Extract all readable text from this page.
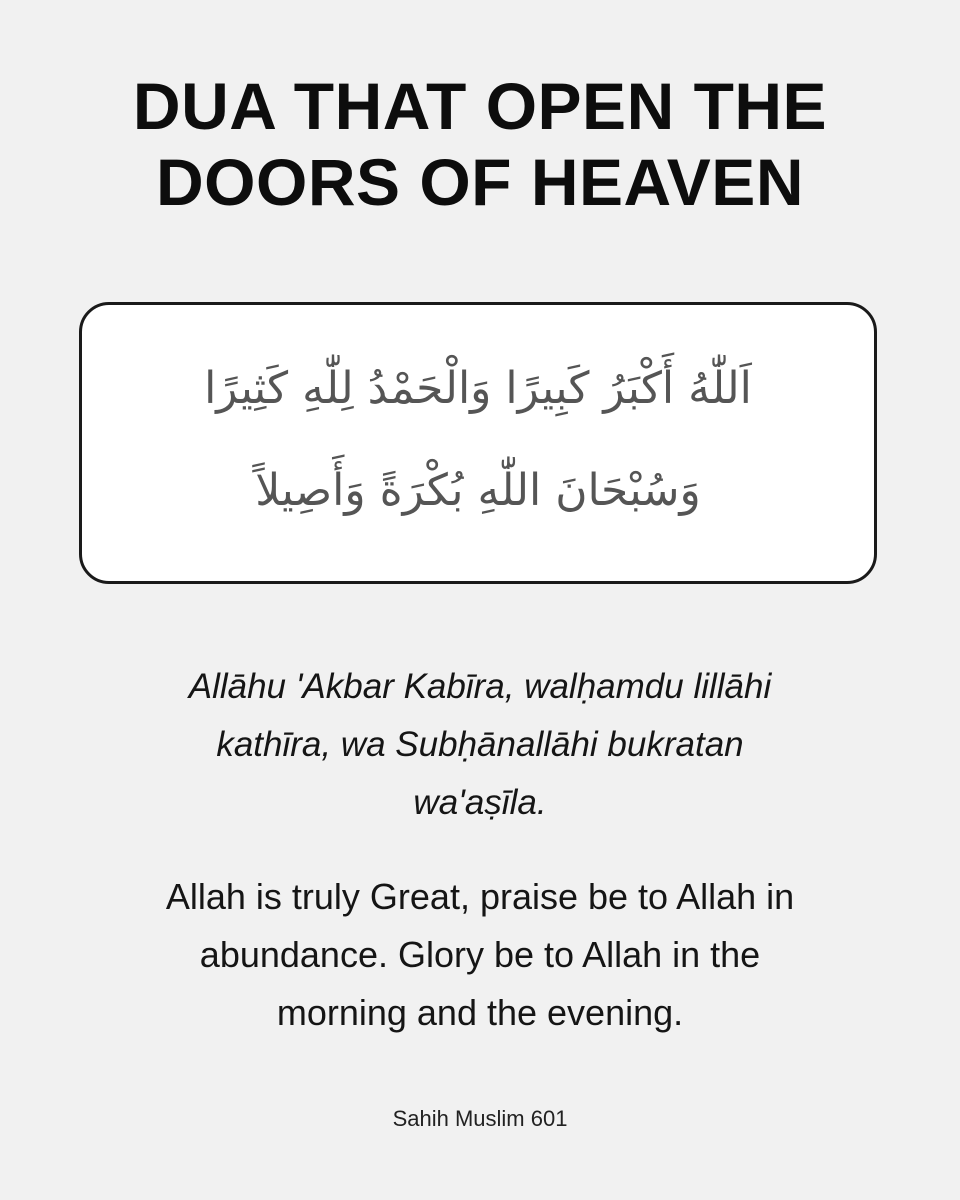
DUA THAT OPEN THE
DOORS OF HEAVEN
اَللّٰهُ أَكْبَرُ كَبِيرًا وَالْحَمْدُ لِلّٰهِ كَثِيرًا
وَسُبْحَانَ اللّٰهِ بُكْرَةً وَأَصِيلاً
Allāhu 'Akbar Kabīra, walḥamdu lillāhi
kathīra, wa Subḥānallāhi bukratan
wa'aṣīla.
Allah is truly Great, praise be to Allah in
abundance. Glory be to Allah in the
morning and the evening.
Sahih Muslim 601
